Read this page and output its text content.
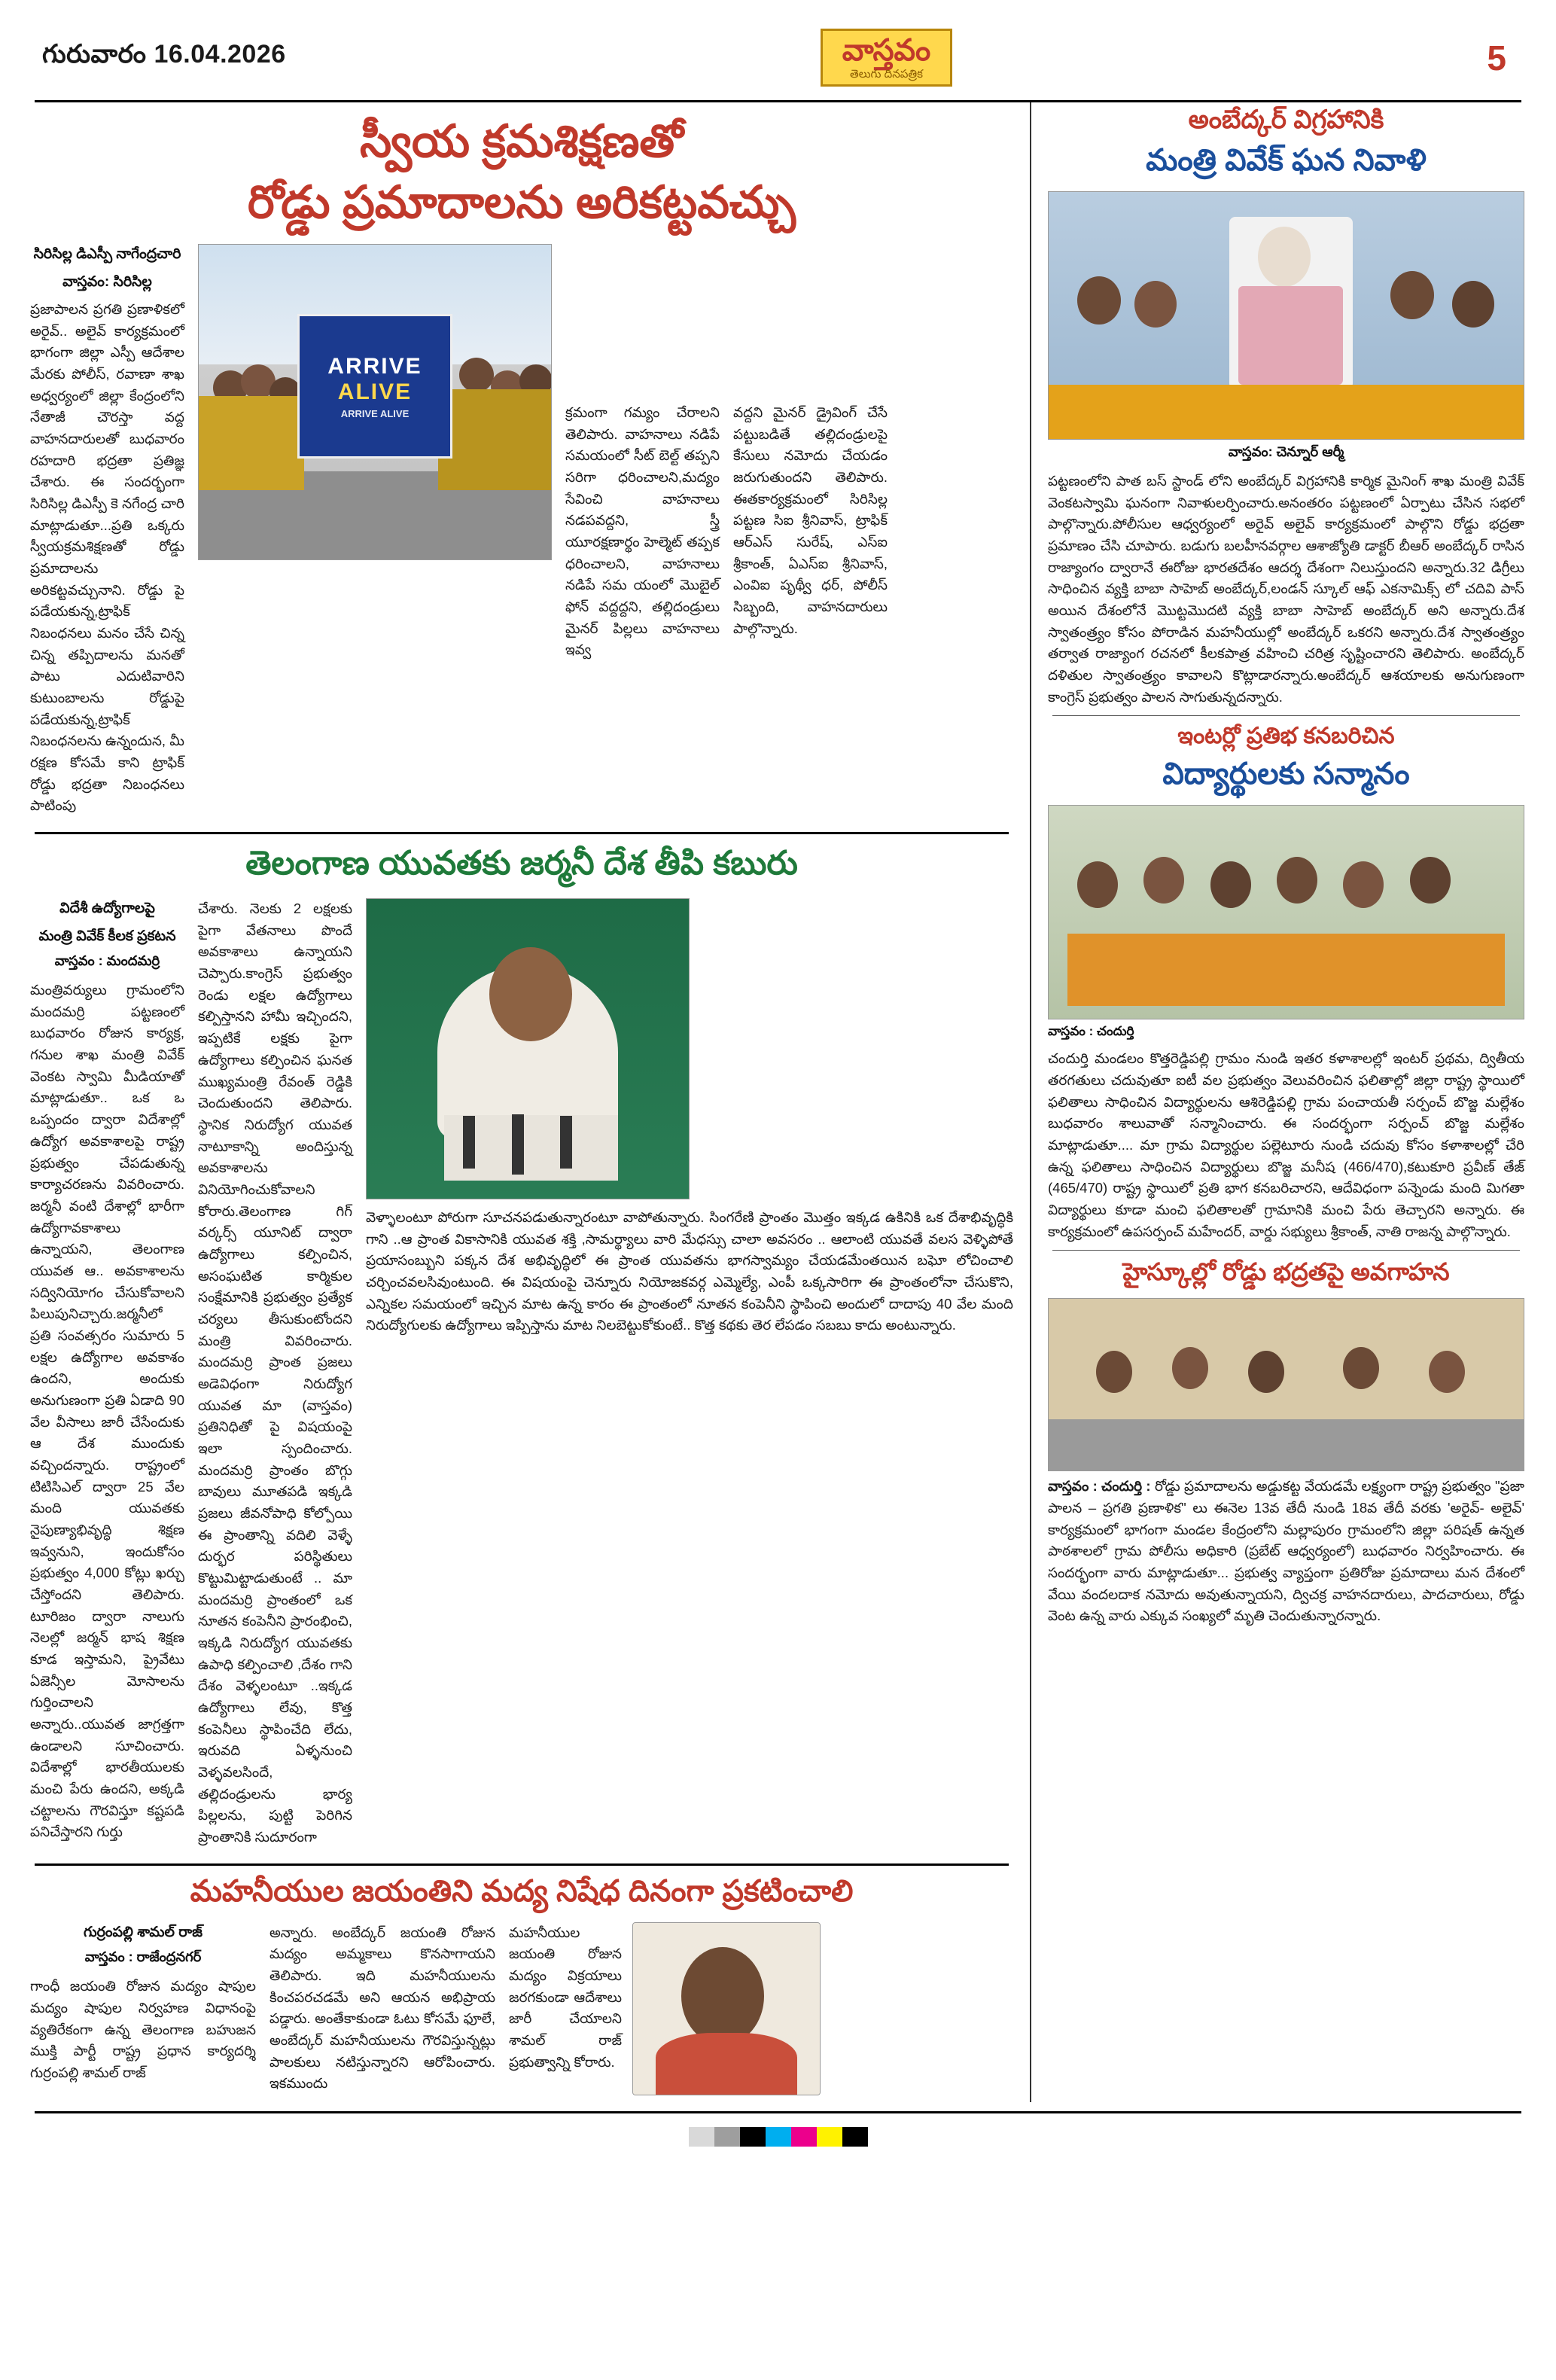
గురువారం 16.04.2026	వాస్తవం
తెలుగు దినపత్రిక	5
స్వీయ క్రమశిక్షణతో
రోడ్డు ప్రమాదాలను అరికట్టవచ్చు
సిరిసిల్ల డిఎస్పీ నాగేంద్రచారి
వాస్తవం: సిరిసిల్ల

ప్రజాపాలన ప్రగతి ప్రణాళికలో అరైవ్.. అలైవ్ కార్యక్రమంలో భాగంగా జిల్లా ఎస్పీ ఆదేశాల మేరకు పోలీస్, రవాణా శాఖ అధ్వర్యంలో జిల్లా కేంద్రంలోని నేతాజీ చౌరస్తా వద్ద వాహనదారులతో బుధవారం రహదారి భద్రతా ప్రతిజ్ఞ చేశారు. ఈ సందర్భంగా సిరిసిల్ల డిఎస్పీ కె నగేంద్ర చారి మాట్లాడుతూ...ప్రతి ఒక్కరు స్వీయక్రమశిక్షణతో రోడ్డు ప్రమాదాలను అరికట్టవచ్చునాని. రోడ్డు పై పడేయకున్న,ట్రాఫిక్ నిబంధనలు మనం చేసే చిన్న చిన్న తప్పిదాలను మనతో పాటు ఎదుటివారిని కుటుంబాలను రోడ్డుపై పడేయకున్న,ట్రాఫిక్ నిబంధనలను ఉన్నందున, మీ రక్షణ కోసమే కాని ట్రాఫిక్ రోడ్డు భద్రతా నిబంధనలు పాటింపు

ARRIVE
ALIVE
ARRIVE ALIVE	క్రమంగా గమ్యం చేరాలని తెలిపారు. వాహనాలు నడిపే సమయంలో సీట్ బెల్ట్ తప్పని సరిగా ధరించాలని,మద్యం సేవించి వాహనాలు నడపవద్దని, స్త్రీ యూరక్షణార్థం హెల్మెట్ తప్పక ధరించాలని, వాహనాలు నడిపే సమ యంలో మొబైల్ ఫోన్ వద్దద్దని, తల్లిదండ్రులు మైనర్ పిల్లలు వాహనాలు ఇవ్వ

వద్దని మైనర్ డ్రైవింగ్ చేసే పట్టుబడితే తల్లిదండ్రులపై కేసులు నమోదు చేయడం జరుగుతుందని తెలిపారు. ఈతకార్యక్రమంలో సిరిసిల్ల పట్టణ సిఐ శ్రీనివాస్, ట్రాఫిక్ ఆర్ఎస్ సురేష్, ఎస్ఐ శ్రీకాంత్, ఏఎస్ఐ శ్రీనివాస్, ఎంవిఐ పృథ్వీ ధర్, పోలీస్ సిబ్బంది, వాహనదారులు పాల్గొన్నారు.

తెలంగాణ యువతకు జర్మనీ దేశ తీపి కబురు
విదేశీ ఉద్యోగాలపై
మంత్రి వివేక్ కీలక ప్రకటన
వాస్తవం : మందమర్రి

మంత్రివర్యులు గ్రామంలోని మందమర్రి పట్టణంలో బుధవారం రోజున కార్యక్ర, గనుల శాఖ మంత్రి వివేక్ వెంకట స్వామి మీడియాతో మాట్లాడుతూ.. ఒక ఒ ఒప్పందం ద్వారా విదేశాల్లో ఉద్యోగ అవకాశాలపై రాష్ట్ర ప్రభుత్వం చేపడుతున్న కార్యాచరణను వివరించారు. జర్మనీ వంటి దేశాల్లో భారీగా ఉద్యోగావకాశాలు ఉన్నాయని, తెలంగాణ యువత ఆ.. అవకాశాలను సద్వినియోగం చేసుకోవాలని పిలుపునిచ్చారు.జర్మనీలో ప్రతి సంవత్సరం సుమారు 5 లక్షల ఉద్యోగాల అవకాశం ఉందని, అందుకు అనుగుణంగా ప్రతి ఏడాది 90 వేల వీసాలు జారీ చేసేందుకు ఆ దేశ ముందుకు వచ్చిందన్నారు. రాష్ట్రంలో టిటిసిఎల్ ద్వారా 25 వేల మంది యువతకు నైపుణ్యాభివృద్ధి శిక్షణ ఇవ్వనుని, ఇందుకోసం ప్రభుత్వం 4,000 కోట్లు ఖర్చు చేస్తోందని తెలిపారు. టూరిజం ద్వారా నాలుగు నెలల్లో జర్మన్ భాష శిక్షణ కూడ ఇస్తామని, ప్రైవేటు ఏజెన్సీల మోసాలను గుర్తించాలని అన్నారు..యువత జాగ్రత్తగా ఉండాలని సూచించారు. విదేశాల్లో భారతీయులకు మంచి పేరు ఉందని, అక్కడి చట్టాలను గౌరవిస్తూ కష్టపడి పనిచేస్తారని గుర్తు

చేశారు. నెలకు 2 లక్షలకు పైగా వేతనాలు పొందే అవకాశాలు ఉన్నాయని చెప్పారు.కాంగ్రెస్ ప్రభుత్వం రెండు లక్షల ఉద్యోగాలు కల్పిస్తానని హామీ ఇచ్చిందని, ఇప్పటికే లక్షకు పైగా ఉద్యోగాలు కల్పించిన ఘనత ముఖ్యమంత్రి రేవంత్ రెడ్డికి చెందుతుందని తెలిపారు. స్థానిక నిరుద్యోగ యువత నాటూకాన్ని అందిస్తున్న అవకాశాలను వినియోగించుకోవాలని కోరారు.తెలంగాణ గిగ్ వర్కర్స్ యూనిట్ ద్వారా ఉద్యోగాలు కల్పించిన, అసంఘటిత కార్మికుల సంక్షేమానికి ప్రభుత్వం ప్రత్యేక చర్యలు తీసుకుంటోందని మంత్రి వివరించారు. మందమర్రి ప్రాంత ప్రజలు అడెవిధంగా నిరుద్యోగ యువత మా (వాస్తవం) ప్రతినిధితో పై విషయంపై ఇలా స్పందించారు. మందమర్రి ప్రాంతం బొగ్గు బావులు మూతపడి ఇక్కడి ప్రజలు జీవనోపాధి కోల్పోయి ఈ ప్రాంతాన్ని వదిలి వెళ్ళే దుర్భర పరిస్థితులు కొట్టుమిట్టాడుతుంటే .. మా మందమర్రి ప్రాంతంలో ఒక నూతన కంపెనీని ప్రారంభించి, ఇక్కడి నిరుద్యోగ యువతకు ఉపాధి కల్పించాలి ,దేశం గాని దేశం వెళ్ళలంటూ ..ఇక్కడ ఉద్యోగాలు లేవు, కొత్త కంపెనీలు స్థాపించేది లేదు, ఇరువది ఏళ్ళనుంచి వెళ్ళవలసిందే, తల్లిదండ్రులను భార్య పిల్లలను, పుట్టి పెరిగిన ప్రాంతానికి సుదూరంగా

వెళ్ళాలంటూ పోరుగా సూచనపడుతున్నారంటూ వాపోతున్నారు. సింగరేణి ప్రాంతం మొత్తం ఇక్కడ ఉకినికి ఒక దేశాభివృద్ధికి గాని ..ఆ ప్రాంత వికాసానికి యువత శక్తి ,సామర్థ్యాలు వారి మేధస్సు చాలా అవసరం .. ఆలాంటి యువతే వలస వెళ్ళిపోతే ప్రయాసంబ్బుని పక్కన దేశ అభివృద్ధిలో ఈ ప్రాంత యువతను భాగస్వామ్యం చేయడమేంతయిన బఘో లోచించాలి చర్చించవలసివుంటుంది. ఈ విషయంపై చెన్నూరు నియోజకవర్గ ఎమ్మెల్యే, ఎంపీ ఒక్కసారిగా ఈ ప్రాంతంలోనా చేసుకొని, ఎన్నికల సమయంలో ఇచ్చిన మాట ఉన్న కారం ఈ ప్రాంతంలో నూతన కంపెనీని స్థాపించి అందులో దాదాపు 40 వేల మంది నిరుద్యోగులకు ఉద్యోగాలు ఇప్పిస్తాను మాట నిలబెట్టుకోకుంటే.. కొత్త కథకు తెర లేపడం సబబు కాదు అంటున్నారు.

మహనీయుల జయంతిని మద్య నిషేధ దినంగా ప్రకటించాలి
గుర్రంపల్లి శామల్ రాజ్
వాస్తవం : రాజేంద్రనగర్

గాంధీ జయంతి రోజున మద్యం షాపుల మద్యం షాపుల నిర్వహణ విధానంపై వ్యతిరేకంగా ఉన్న తెలంగాణ బహుజన ముక్తి పార్టీ రాష్ట్ర ప్రధాన కార్యదర్శి గుర్రంపల్లి శామల్ రాజ్

అన్నారు. అంబేద్కర్ జయంతి రోజున మద్యం అమ్మకాలు కొనసాగాయని తెలిపారు. ఇది మహనీయులను కించపరచడమే అని ఆయన అభిప్రాయ పడ్డారు. అంతేకాకుండా ఓటు కోసమే ఫూలే, అంబేద్కర్ మహనీయులను గౌరవిస్తున్నట్లు పాలకులు నటిస్తున్నారని ఆరోపించారు. ఇకముందు

మహనీయుల జయంతి రోజున మద్యం విక్రయాలు జరగకుండా ఆదేశాలు జారీ చేయాలని శామల్ రాజ్ ప్రభుత్వాన్ని కోరారు.

అంబేద్కర్ విగ్రహానికి
మంత్రి వివేక్ ఘన నివాళి
వాస్తవం: చెన్నూర్ ఆర్మీ

పట్టణంలోని పాత బస్ స్టాండ్ లోని అంబేద్కర్ విగ్రహానికి కార్మిక మైనింగ్ శాఖ మంత్రి వివేక్ వెంకటస్వామి ఘనంగా నివాళులర్పించారు.అనంతరం పట్టణంలో ఏర్పాటు చేసిన సభలో పాల్గొన్నారు.పోలీసుల ఆధ్వర్యంలో అరైవ్ అలైవ్ కార్యక్రమంలో పాల్గొని రోడ్డు భద్రతా ప్రమాణం చేసి చూపారు. బడుగు బలహీనవర్గాల ఆశాజ్యోతి డాక్టర్ బీఆర్ అంబేద్కర్ రాసిన రాజ్యాంగం ద్వారానే ఈరోజు భారతదేశం ఆదర్శ దేశంగా నిలుస్తుందని అన్నారు.32 డిగ్రీలు సాధించిన వ్యక్తి బాబా సాహెబ్ అంబేద్కర్,లండన్ స్కూల్ ఆఫ్ ఎకనామిక్స్ లో చదివి పాస్ అయిన దేశంలోనే మొట్టమొదటి వ్యక్తి బాబా సాహెబ్ అంబేద్కర్ అని అన్నారు.దేశ స్వాతంత్ర్యం కోసం పోరాడిన మహనీయుల్లో అంబేద్కర్ ఒకరని అన్నారు.దేశ స్వాతంత్ర్యం తర్వాత రాజ్యాంగ రచనలో కీలకపాత్ర వహించి చరిత్ర సృష్టించారని తెలిపారు. అంబేద్కర్ దళితుల స్వాతంత్ర్యం కావాలని కొట్లాడారన్నారు.అంబేద్కర్ ఆశయాలకు అనుగుణంగా కాంగ్రెస్ ప్రభుత్వం పాలన సాగుతున్నదన్నారు.

ఇంటర్లో ప్రతిభ కనబరిచిన
విద్యార్థులకు సన్మానం
వాస్తవం : చందుర్తి

చందుర్తి మండలం కొత్తరెడ్డిపల్లి గ్రామం నుండి ఇతర కళాశాలల్లో ఇంటర్ ప్రథమ, ద్వితీయ తరగతులు చదువుతూ ఐటీ వల ప్రభుత్వం వెలువరించిన ఫలితాల్లో జిల్లా రాష్ట్ర స్థాయిలో ఫలితాలు సాధించిన విద్యార్థులను ఆశిరెడ్డిపల్లి గ్రామ పంచాయతీ సర్పంచ్ బొజ్జ మల్లేశం బుధవారం శాలువాతో సన్మానించారు. ఈ సందర్భంగా సర్పంచ్ బొజ్జ మల్లేశం మాట్లాడుతూ.... మా గ్రామ విద్యార్థుల పల్లెటూరు నుండి చదువు కోసం కళాశాలల్లో చేరి ఉన్న ఫలితాలు సాధించిన విద్యార్థులు బొజ్జ మనీష (466/470),కటుకూరి ప్రవీణ్ తేజ్ (465/470) రాష్ట్ర స్థాయిలో ప్రతి భాగ కనబరిచారని, ఆదేవిధంగా పన్నెండు మంది మిగతా విద్యార్థులు కూడా మంచి ఫలితాలతో గ్రామానికి మంచి పేరు తెచ్చారని అన్నారు. ఈ కార్యక్రమంలో ఉపసర్పంచ్ మహేందర్, వార్డు సభ్యులు శ్రీకాంత్, నాతి రాజన్న పాల్గొన్నారు.

హైస్కూల్లో రోడ్డు భద్రతపై అవగాహన

వాస్తవం : చందుర్తి : రోడ్డు ప్రమాదాలను అడ్డుకట్ట వేయడమే లక్ష్యంగా రాష్ట్ర ప్రభుత్వం "ప్రజా పాలన – ప్రగతి ప్రణాళిక" లు ఈనెల 13వ తేదీ నుండి 18వ తేదీ వరకు 'అరైవ్- అలైవ్' కార్యక్రమంలో భాగంగా మండల కేంద్రంలోని మల్లాపురం గ్రామంలోని జిల్లా పరిషత్ ఉన్నత పాఠశాలలో గ్రామ పోలీసు అధికారి (ప్రబేట్ ఆధ్వర్యంలో) బుధవారం నిర్వహించారు. ఈ సందర్భంగా వారు మాట్లాడుతూ... ప్రభుత్వ వ్యాప్తంగా ప్రతిరోజు ప్రమాదాలు మన దేశంలో వేయి వందలదాక నమోదు అవుతున్నాయని, ద్విచక్ర వాహనదారులు, పాదచారులు, రోడ్డు వెంట ఉన్న వారు ఎక్కువ సంఖ్యలో మృతి చెందుతున్నారన్నారు.
